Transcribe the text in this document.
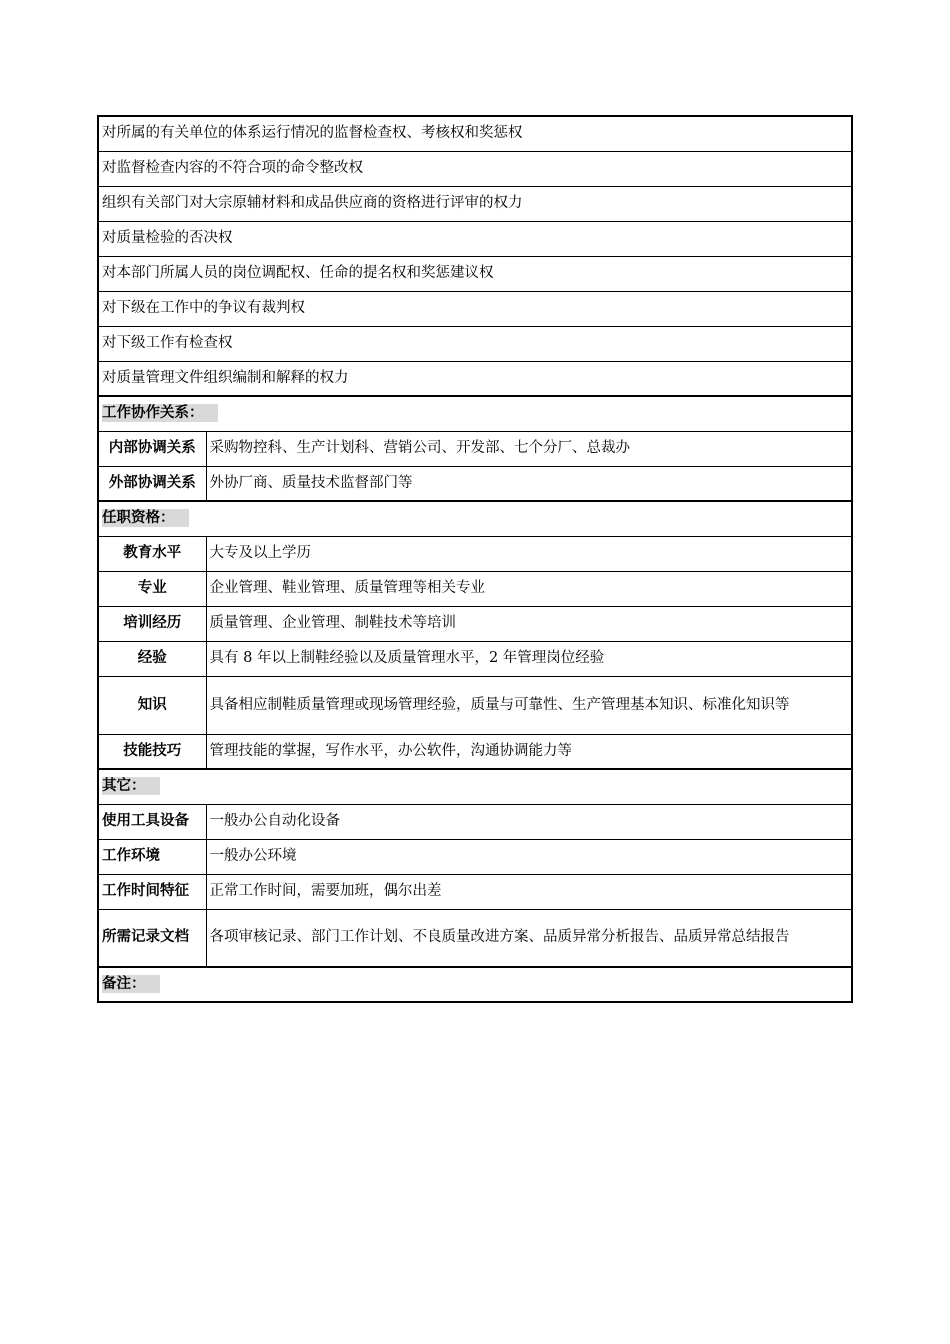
对所属的有关单位的体系运行情况的监督检查权、考核权和奖惩权	
对监督检查内容的不符合项的命令整改权	
组织有关部门对大宗原辅材料和成品供应商的资格进行评审的权力	
对质量检验的否决权	
对本部门所属人员的岗位调配权、任命的提名权和奖惩建议权	
对下级在工作中的争议有裁判权	
对下级工作有检查权	
对质量管理文件组织编制和解释的权力	
工作协作关系：	
内部协调关系	采购物控科、生产计划科、营销公司、开发部、七个分厂、总裁办
外部协调关系	外协厂商、质量技术监督部门等
任职资格：	
教育水平	大专及以上学历
专业	企业管理、鞋业管理、质量管理等相关专业
培训经历	质量管理、企业管理、制鞋技术等培训
经验	具有 8 年以上制鞋经验以及质量管理水平，2 年管理岗位经验
知识	具备相应制鞋质量管理或现场管理经验，质量与可靠性、生产管理基本知识、标准化知识等
技能技巧	管理技能的掌握，写作水平，办公软件，沟通协调能力等
其它：	
使用工具设备	一般办公自动化设备
工作环境	一般办公环境
工作时间特征	正常工作时间，需要加班，偶尔出差
所需记录文档	各项审核记录、部门工作计划、不良质量改进方案、品质异常分析报告、品质异常总结报告
备注：	
